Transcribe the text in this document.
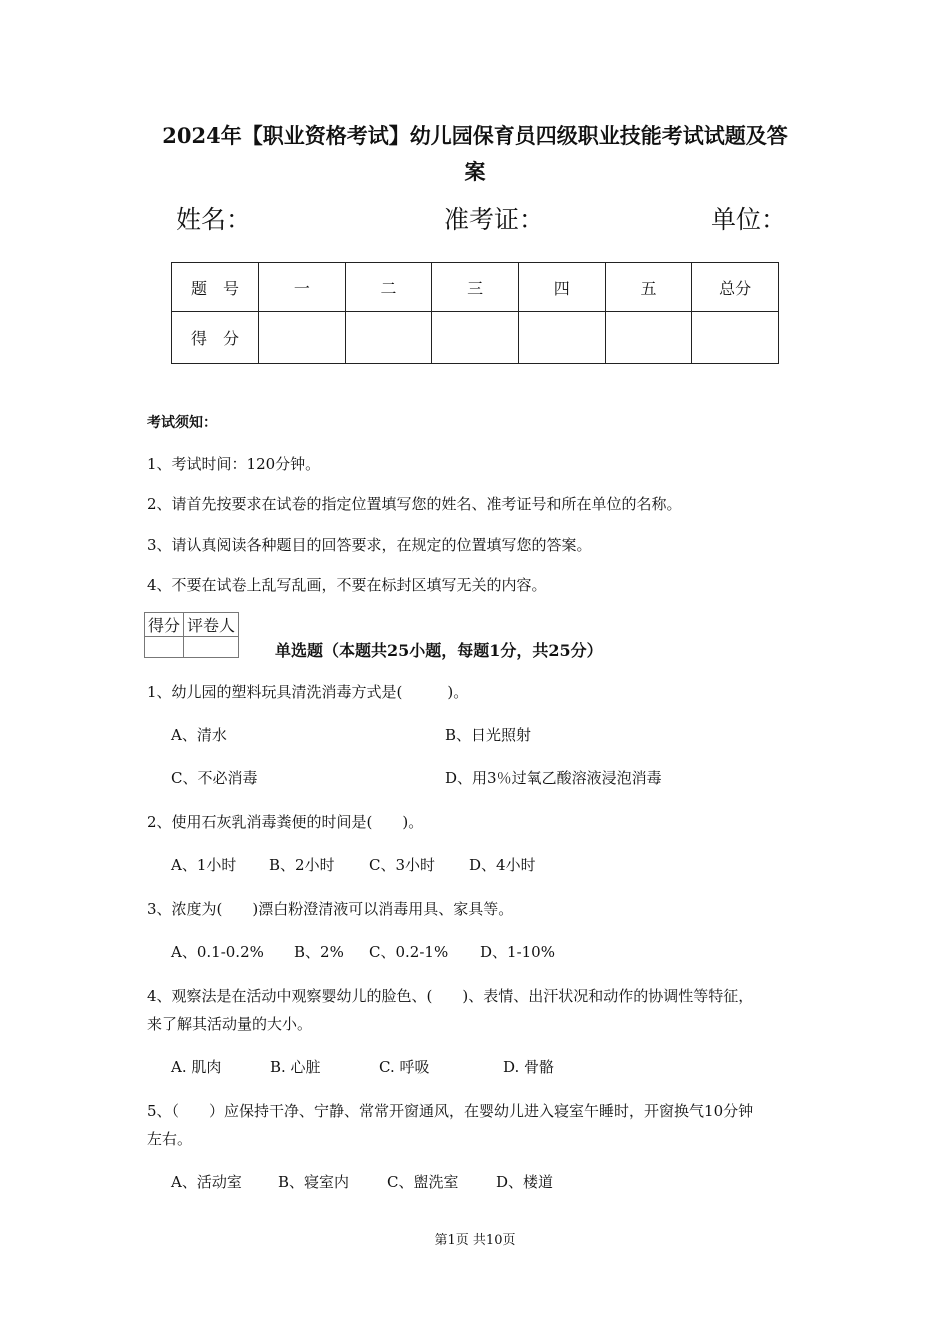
2024年【职业资格考试】幼儿园保育员四级职业技能考试试题及答
案
姓名：	准考证：	单位：
题　号	一	二	三	四	五	总分
得　分						
考试须知：
1、考试时间：120分钟。
2、请首先按要求在试卷的指定位置填写您的姓名、准考证号和所在单位的名称。
3、请认真阅读各种题目的回答要求，在规定的位置填写您的答案。
4、不要在试卷上乱写乱画，不要在标封区填写无关的内容。
得分	评卷人

单选题（本题共25小题，每题1分，共25分）
1、幼儿园的塑料玩具清洗消毒方式是(　　　)。
A、清水	B、日光照射
C、不必消毒	D、用3％过氧乙酸溶液浸泡消毒
2、使用石灰乳消毒粪便的时间是(　　)。
A、1小时 B、2小时 C、3小时 D、4小时
3、浓度为(　　)漂白粉澄清液可以消毒用具、家具等。
A、0.1-0.2% B、2% C、0.2-1% D、1-10%
4、观察法是在活动中观察婴幼儿的脸色、(　　)、表情、出汗状况和动作的协调性等特征，
来了解其活动量的大小。
A. 肌肉	B. 心脏	C. 呼吸	D. 骨骼
5、（　　）应保持干净、宁静、常常开窗通风，在婴幼儿进入寝室午睡时，开窗换气10分钟
左右。
A、活动室 B、寝室内	C、盥洗室	D、楼道
第1页 共10页
